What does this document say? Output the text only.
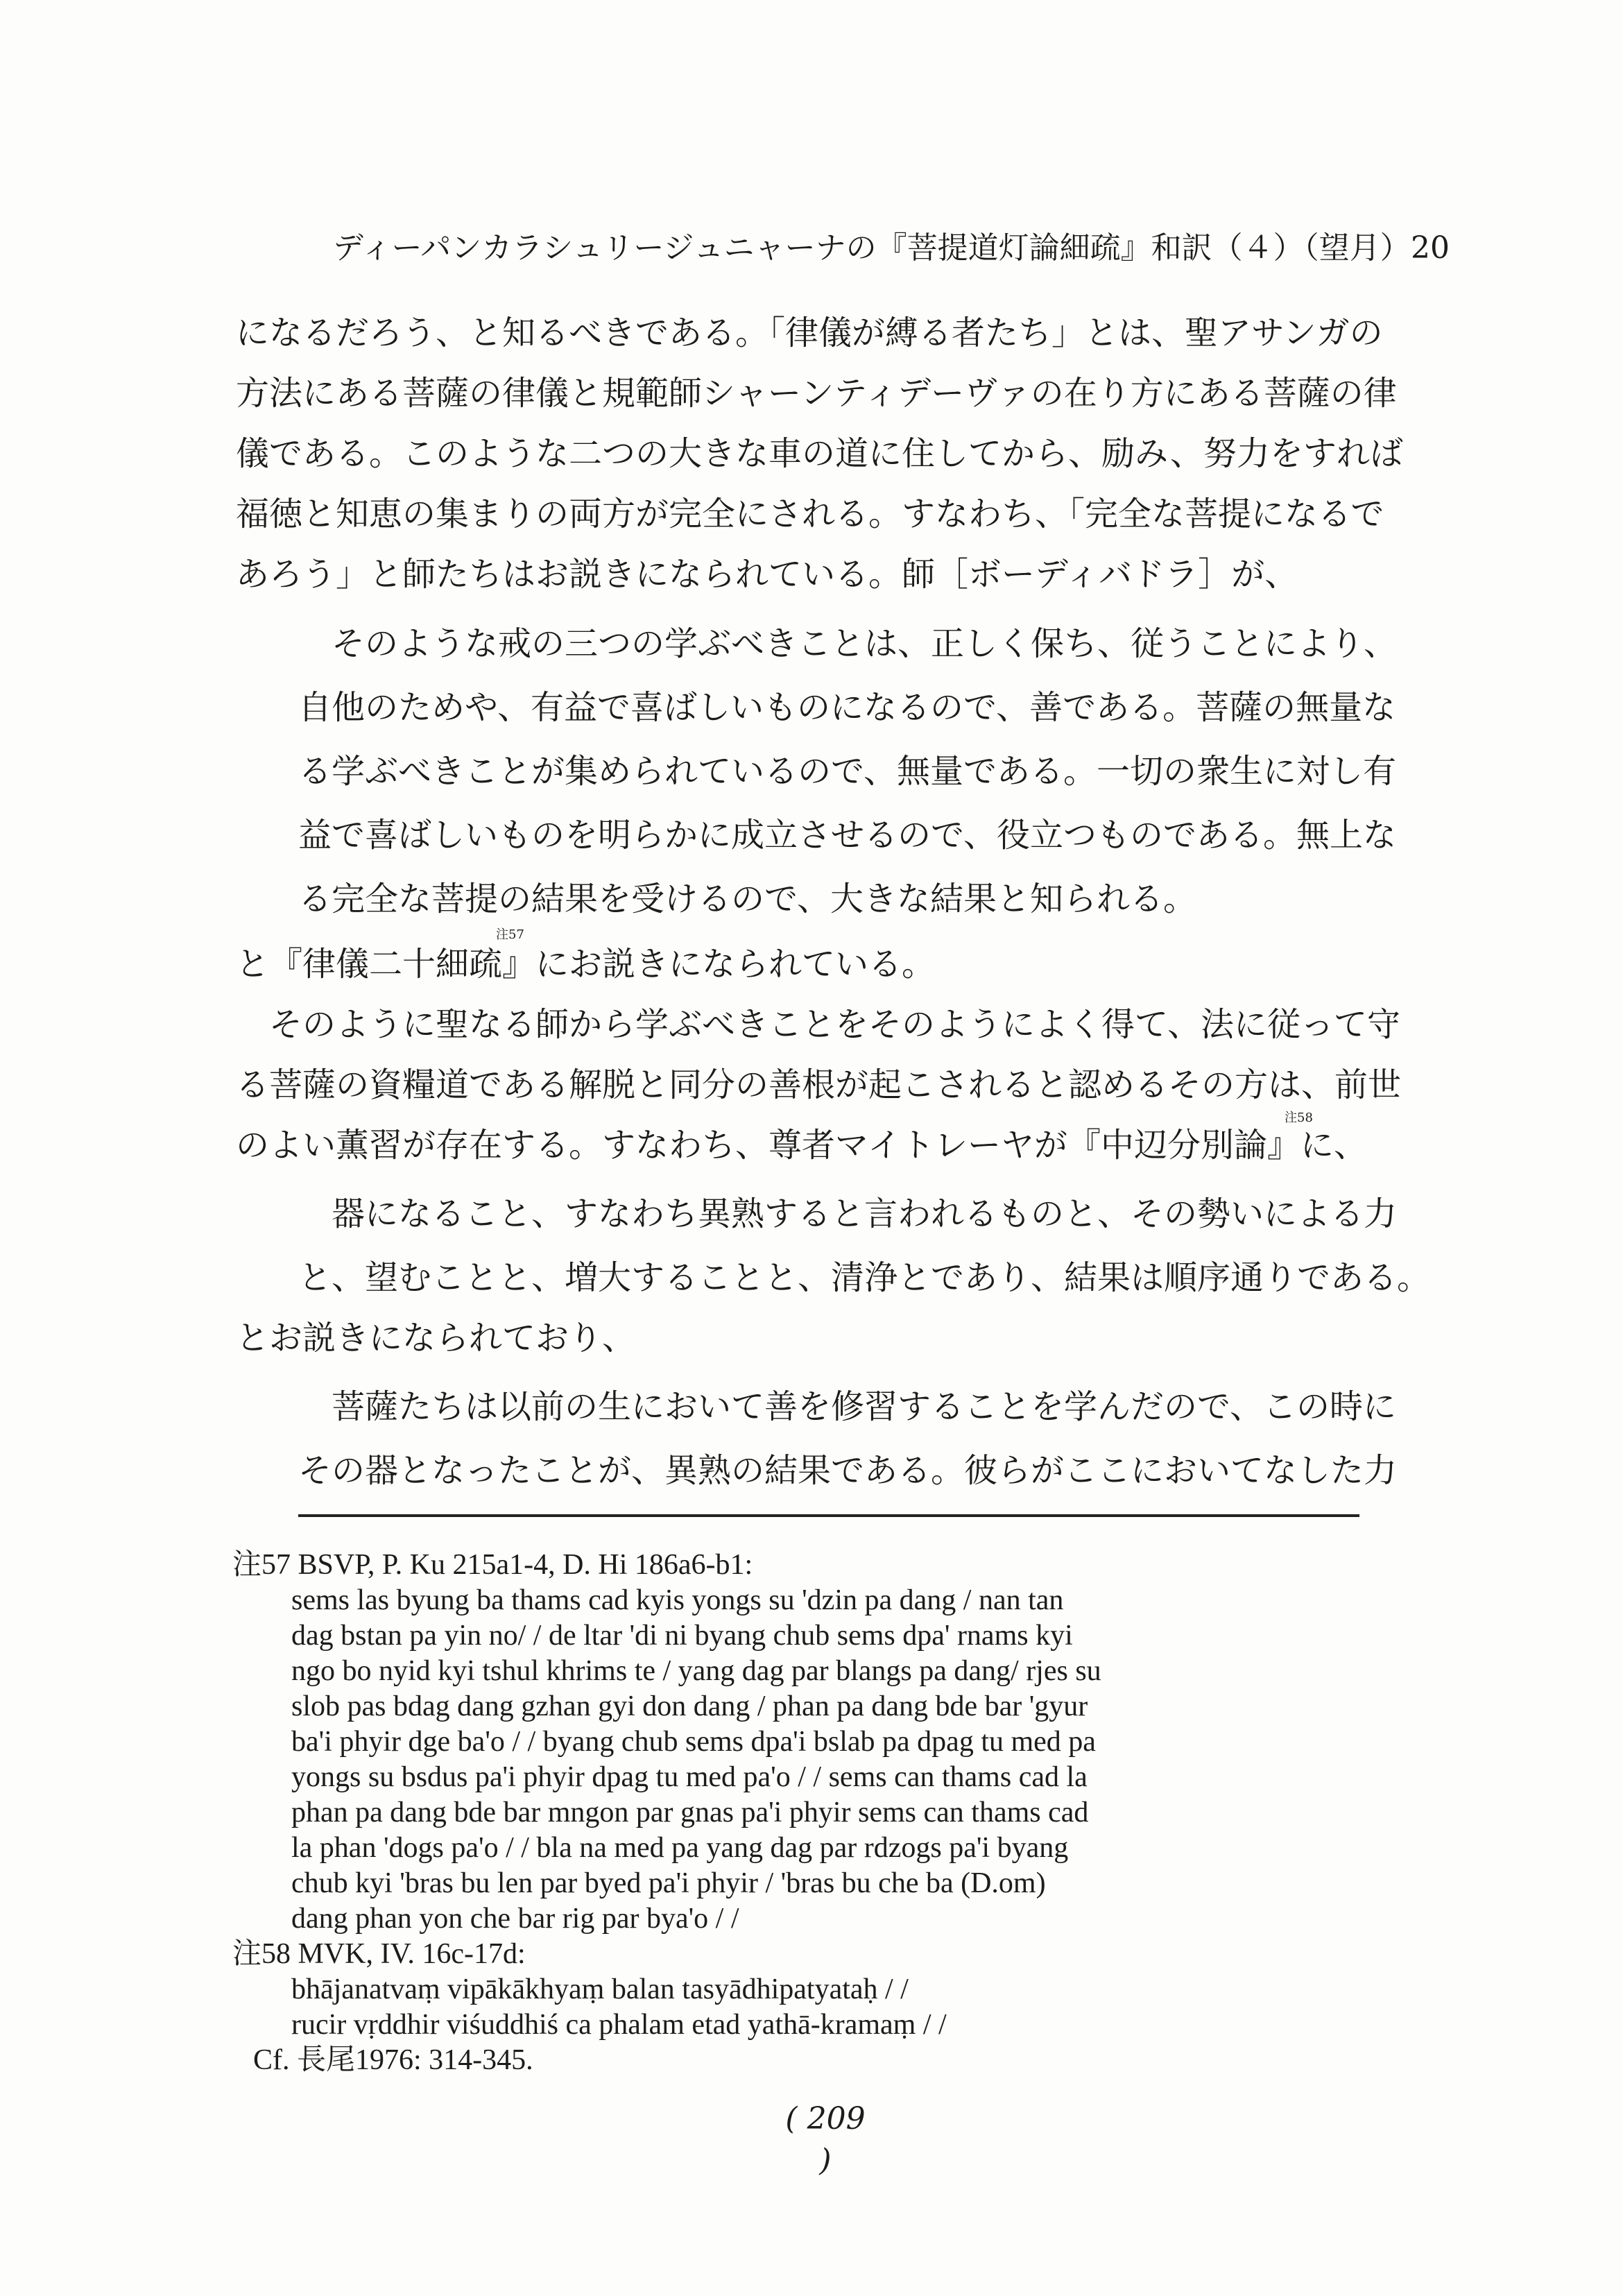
ディーパンカラシュリージュニャーナの『菩提道灯論細疏』和訳（４）（望月） 20
になるだろう、と知るべきである。「律儀が縛る者たち」とは、聖アサンガの
方法にある菩薩の律儀と規範師シャーンティデーヴァの在り方にある菩薩の律
儀である。このような二つの大きな車の道に住してから、励み、努力をすれば
福徳と知恵の集まりの両方が完全にされる。すなわち、「完全な菩提になるで
あろう」と師たちはお説きになられている。師［ボーディバドラ］が、
　そのような戒の三つの学ぶべきことは、正しく保ち、従うことにより、
自他のためや、有益で喜ばしいものになるので、善である。菩薩の無量な
る学ぶべきことが集められているので、無量である。一切の衆生に対し有
益で喜ばしいものを明らかに成立させるので、役立つものである。無上な
る完全な菩提の結果を受けるので、大きな結果と知られる。
注57
と『律儀二十細疏』にお説きになられている。
　そのように聖なる師から学ぶべきことをそのようによく得て、法に従って守
る菩薩の資糧道である解脱と同分の善根が起こされると認めるその方は、前世
注58
のよい薫習が存在する。すなわち、尊者マイトレーヤが『中辺分別論』に、
　器になること、すなわち異熟すると言われるものと、その勢いによる力
と、望むことと、増大することと、清浄とであり、結果は順序通りである。
とお説きになられており、
　菩薩たちは以前の生において善を修習することを学んだので、この時に
その器となったことが、異熟の結果である。彼らがここにおいてなした力
注57 BSVP, P. Ku 215a1-4, D. Hi 186a6-b1:
sems las byung ba thams cad kyis yongs su 'dzin pa dang / nan tan
dag bstan pa yin no/ / de ltar 'di ni byang chub sems dpa' rnams kyi
ngo bo nyid kyi tshul khrims te / yang dag par blangs pa dang/ rjes su
slob pas bdag dang gzhan gyi don dang / phan pa dang bde bar 'gyur
ba'i phyir dge ba'o / / byang chub sems dpa'i bslab pa dpag tu med pa
yongs su bsdus pa'i phyir dpag tu med pa'o / / sems can thams cad la
phan pa dang bde bar mngon par gnas pa'i phyir sems can thams cad
la phan 'dogs pa'o / / bla na med pa yang dag par rdzogs pa'i byang
chub kyi 'bras bu len par byed pa'i phyir / 'bras bu che ba (D.om)
dang phan yon che bar rig par bya'o / /
注58 MVK, IV. 16c-17d:
bhājanatvaṃ vipākākhyaṃ balan tasyādhipatyataḥ / /
rucir vṛddhir viśuddhiś ca phalam etad yathā-kramaṃ / /
Cf. 長尾1976: 314-345.
( 209 )
